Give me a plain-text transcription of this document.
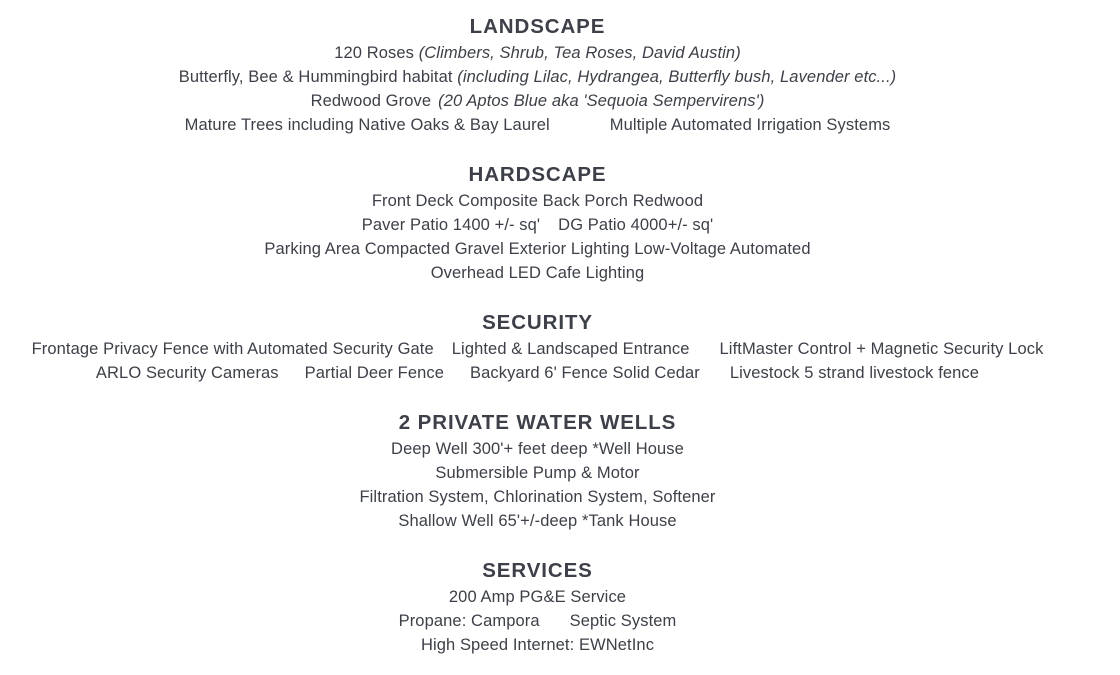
LANDSCAPE
120 Roses (Climbers, Shrub, Tea Roses, David Austin)
Butterfly, Bee & Hummingbird habitat (including Lilac, Hydrangea, Butterfly bush, Lavender etc...)
Redwood Grove (20 Aptos Blue aka 'Sequoia Sempervirens')
Mature Trees including Native Oaks & Bay Laurel	Multiple Automated Irrigation Systems
HARDSCAPE
Front Deck Composite Back Porch Redwood
Paver Patio 1400 +/- sq' DG Patio 4000+/- sq'
Parking Area Compacted Gravel Exterior Lighting Low-Voltage Automated
Overhead LED Cafe Lighting
SECURITY
Frontage Privacy Fence with Automated Security Gate Lighted & Landscaped Entrance LiftMaster Control + Magnetic Security Lock
ARLO Security Cameras Partial Deer Fence Backyard 6' Fence Solid Cedar Livestock 5 strand livestock fence
2 PRIVATE WATER WELLS
Deep Well 300'+ feet deep *Well House
Submersible Pump & Motor
Filtration System, Chlorination System, Softener
Shallow Well 65'+/-deep *Tank House
SERVICES
200 Amp PG&E Service
Propane: Campora Septic System
High Speed Internet: EWNetInc
